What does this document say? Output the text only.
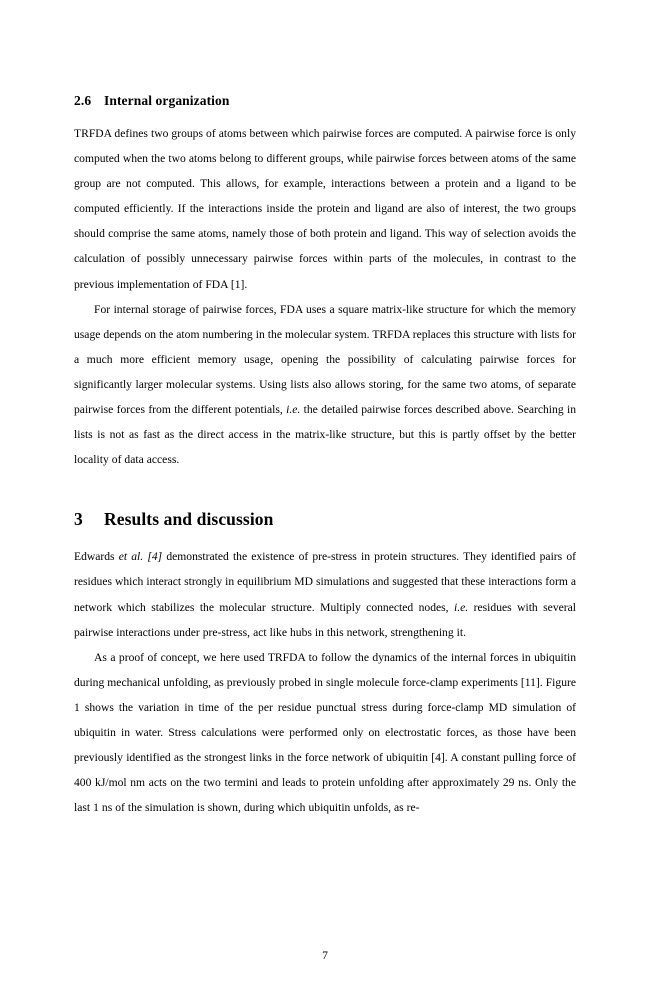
2.6 Internal organization

TRFDA defines two groups of atoms between which pairwise forces are computed. A pairwise force is only computed when the two atoms belong to different groups, while pairwise forces between atoms of the same group are not computed. This allows, for example, interactions between a protein and a ligand to be computed efficiently. If the interactions inside the protein and ligand are also of interest, the two groups should comprise the same atoms, namely those of both protein and ligand. This way of selection avoids the calculation of possibly unnecessary pairwise forces within parts of the molecules, in contrast to the previous implementation of FDA [1].

For internal storage of pairwise forces, FDA uses a square matrix-like structure for which the memory usage depends on the atom numbering in the molecular system. TRFDA replaces this structure with lists for a much more efficient memory usage, opening the possibility of calculating pairwise forces for significantly larger molecular systems. Using lists also allows storing, for the same two atoms, of separate pairwise forces from the different potentials, i.e. the detailed pairwise forces described above. Searching in lists is not as fast as the direct access in the matrix-like structure, but this is partly offset by the better locality of data access.

3 Results and discussion

Edwards et al. [4] demonstrated the existence of pre-stress in protein structures. They identified pairs of residues which interact strongly in equilibrium MD simulations and suggested that these interactions form a network which stabilizes the molecular structure. Multiply connected nodes, i.e. residues with several pairwise interactions under pre-stress, act like hubs in this network, strengthening it.

As a proof of concept, we here used TRFDA to follow the dynamics of the internal forces in ubiquitin during mechanical unfolding, as previously probed in single molecule force-clamp experiments [11]. Figure 1 shows the variation in time of the per residue punctual stress during force-clamp MD simulation of ubiquitin in water. Stress calculations were performed only on electrostatic forces, as those have been previously identified as the strongest links in the force network of ubiquitin [4]. A constant pulling force of 400 kJ/mol nm acts on the two termini and leads to protein unfolding after approximately 29 ns. Only the last 1 ns of the simulation is shown, during which ubiquitin unfolds, as re-

7
